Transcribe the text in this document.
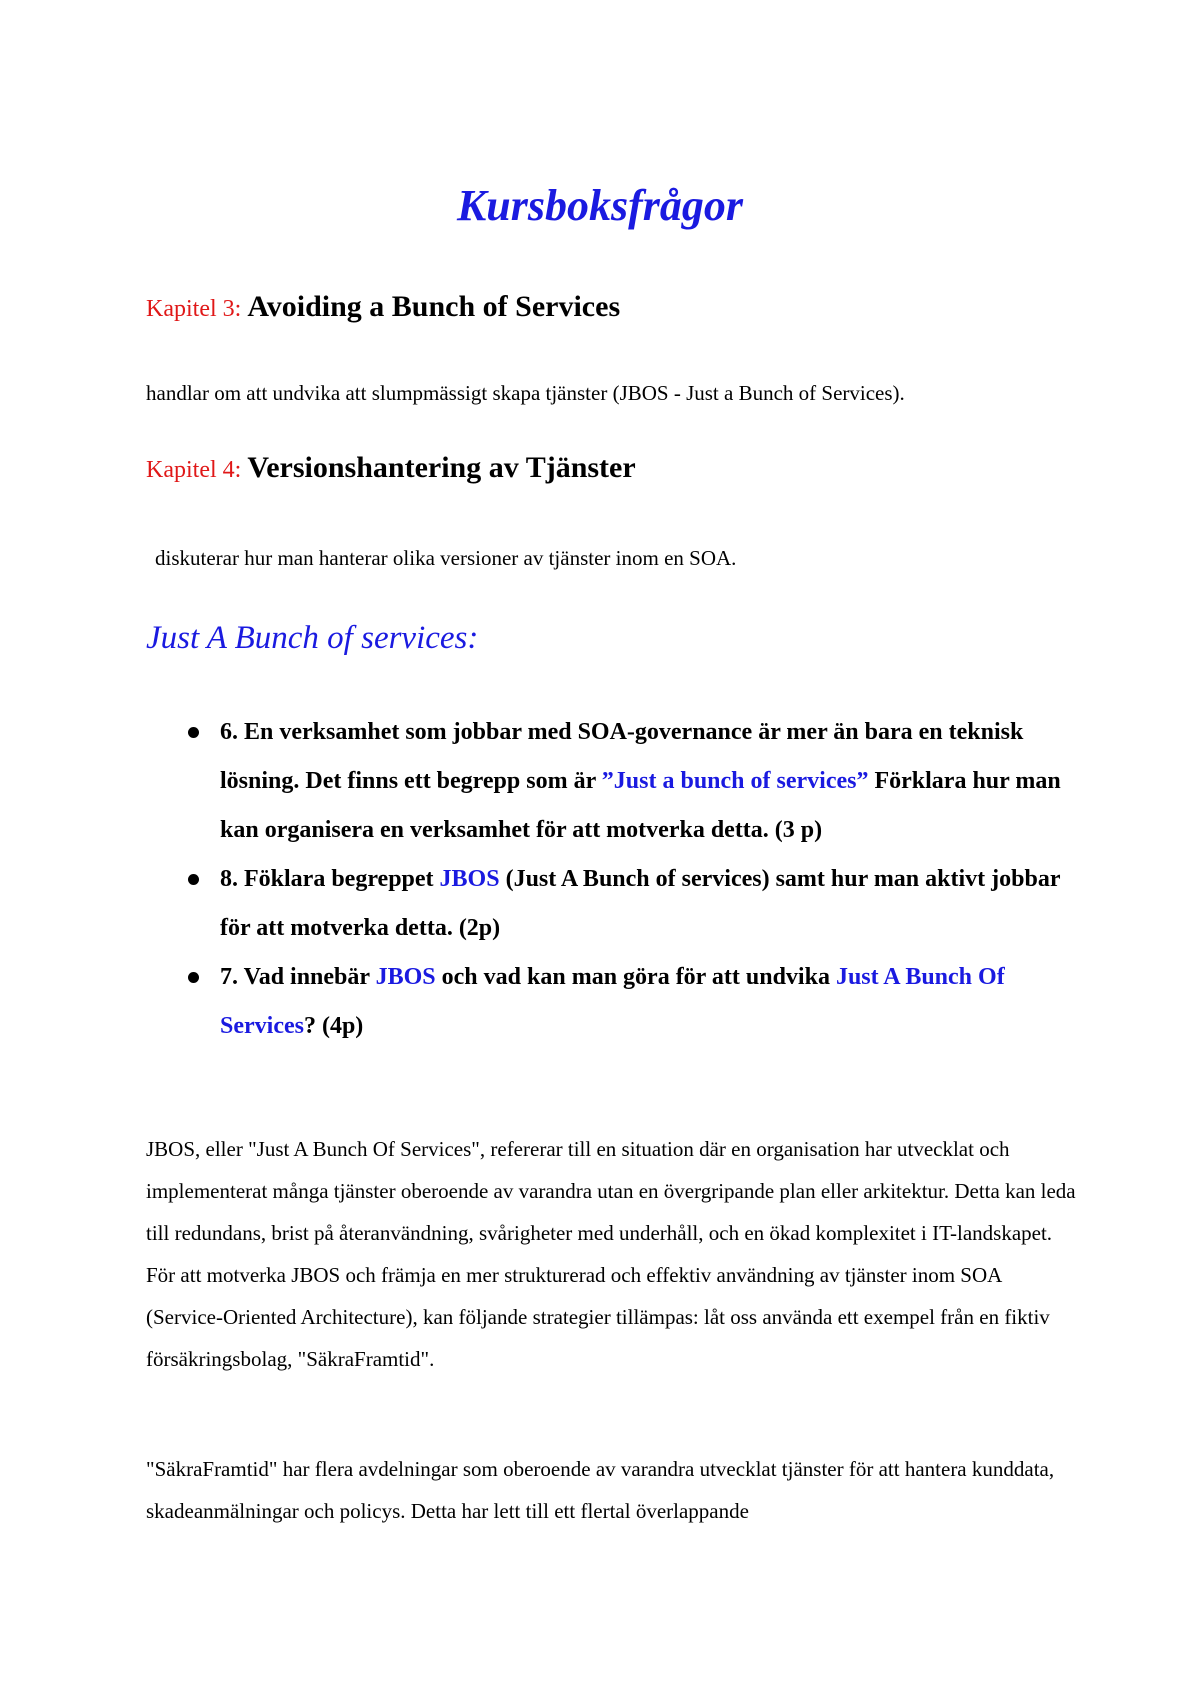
Kursboksfrågor
Kapitel 3: Avoiding a Bunch of Services

handlar om att undvika att slumpmässigt skapa tjänster (JBOS - Just a Bunch of Services).

Kapitel 4: Versionshantering av Tjänster

diskuterar hur man hanterar olika versioner av tjänster inom en SOA.

Just A Bunch of services:
6. En verksamhet som jobbar med SOA-governance är mer än bara en teknisk lösning. Det finns ett begrepp som är ”Just a bunch of services” Förklara hur man kan organisera en verksamhet för att motverka detta. (3 p)
8. Föklara begreppet JBOS (Just A Bunch of services) samt hur man aktivt jobbar för att motverka detta. (2p)
7. Vad innebär JBOS och vad kan man göra för att undvika Just A Bunch Of Services? (4p)

JBOS, eller "Just A Bunch Of Services", refererar till en situation där en organisation har utvecklat och implementerat många tjänster oberoende av varandra utan en övergripande plan eller arkitektur. Detta kan leda till redundans, brist på återanvändning, svårigheter med underhåll, och en ökad komplexitet i IT-landskapet. För att motverka JBOS och främja en mer strukturerad och effektiv användning av tjänster inom SOA (Service-Oriented Architecture), kan följande strategier tillämpas: låt oss använda ett exempel från en fiktiv försäkringsbolag, "SäkraFramtid".

"SäkraFramtid" har flera avdelningar som oberoende av varandra utvecklat tjänster för att hantera kunddata, skadeanmälningar och policys. Detta har lett till ett flertal överlappande
